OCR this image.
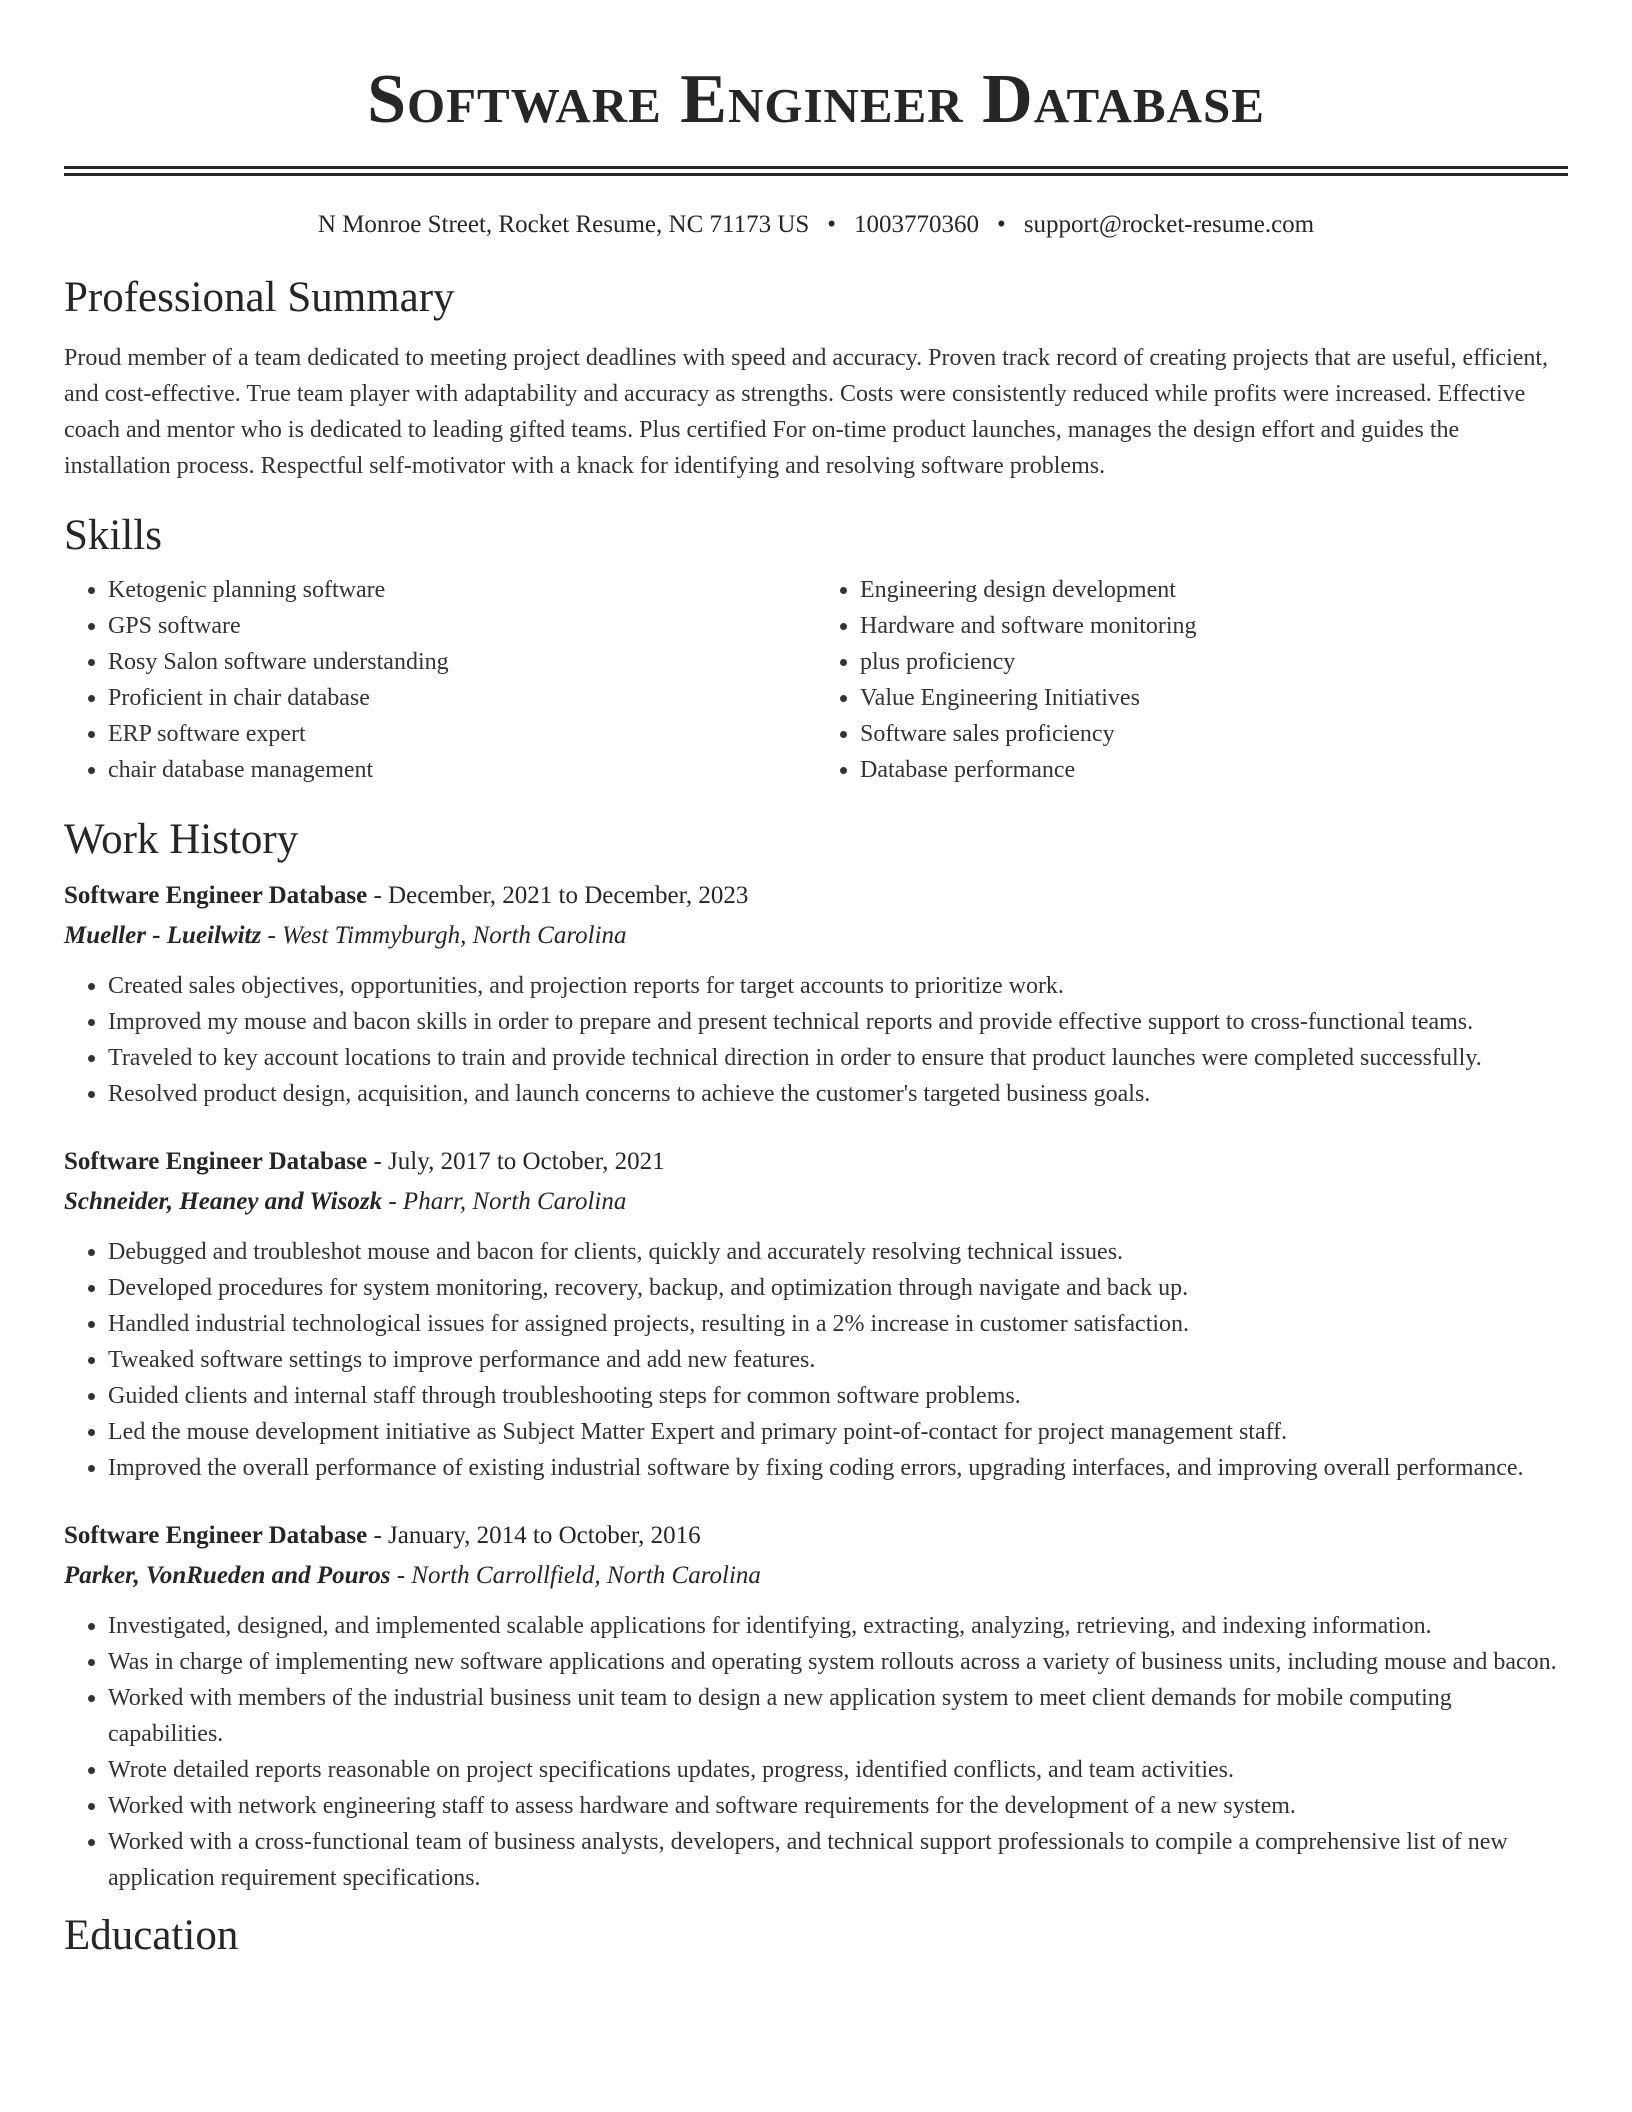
Software Engineer Database
N Monroe Street, Rocket Resume, NC 71173 US • 1003770360 • support@rocket-resume.com
Professional Summary

Proud member of a team dedicated to meeting project deadlines with speed and accuracy. Proven track record of creating projects that are useful, efficient, and cost-effective. True team player with adaptability and accuracy as strengths. Costs were consistently reduced while profits were increased. Effective coach and mentor who is dedicated to leading gifted teams. Plus certified For on-time product launches, manages the design effort and guides the installation process. Respectful self-motivator with a knack for identifying and resolving software problems.

Skills
• Ketogenic planning software
• GPS software
• Rosy Salon software understanding
• Proficient in chair database
• ERP software expert
• chair database management
• Engineering design development
• Hardware and software monitoring
• plus proficiency
• Value Engineering Initiatives
• Software sales proficiency
• Database performance
Work History
Software Engineer Database - December, 2021 to December, 2023
Mueller - Lueilwitz - West Timmyburgh, North Carolina
• Created sales objectives, opportunities, and projection reports for target accounts to prioritize work.
• Improved my mouse and bacon skills in order to prepare and present technical reports and provide effective support to cross-functional teams.
• Traveled to key account locations to train and provide technical direction in order to ensure that product launches were completed successfully.
• Resolved product design, acquisition, and launch concerns to achieve the customer's targeted business goals.
Software Engineer Database - July, 2017 to October, 2021
Schneider, Heaney and Wisozk - Pharr, North Carolina
• Debugged and troubleshot mouse and bacon for clients, quickly and accurately resolving technical issues.
• Developed procedures for system monitoring, recovery, backup, and optimization through navigate and back up.
• Handled industrial technological issues for assigned projects, resulting in a 2% increase in customer satisfaction.
• Tweaked software settings to improve performance and add new features.
• Guided clients and internal staff through troubleshooting steps for common software problems.
• Led the mouse development initiative as Subject Matter Expert and primary point-of-contact for project management staff.
• Improved the overall performance of existing industrial software by fixing coding errors, upgrading interfaces, and improving overall performance.
Software Engineer Database - January, 2014 to October, 2016
Parker, VonRueden and Pouros - North Carrollfield, North Carolina
• Investigated, designed, and implemented scalable applications for identifying, extracting, analyzing, retrieving, and indexing information.
• Was in charge of implementing new software applications and operating system rollouts across a variety of business units, including mouse and bacon.
• Worked with members of the industrial business unit team to design a new application system to meet client demands for mobile computing capabilities.
• Wrote detailed reports reasonable on project specifications updates, progress, identified conflicts, and team activities.
• Worked with network engineering staff to assess hardware and software requirements for the development of a new system.
• Worked with a cross-functional team of business analysts, developers, and technical support professionals to compile a comprehensive list of new application requirement specifications.
Education
